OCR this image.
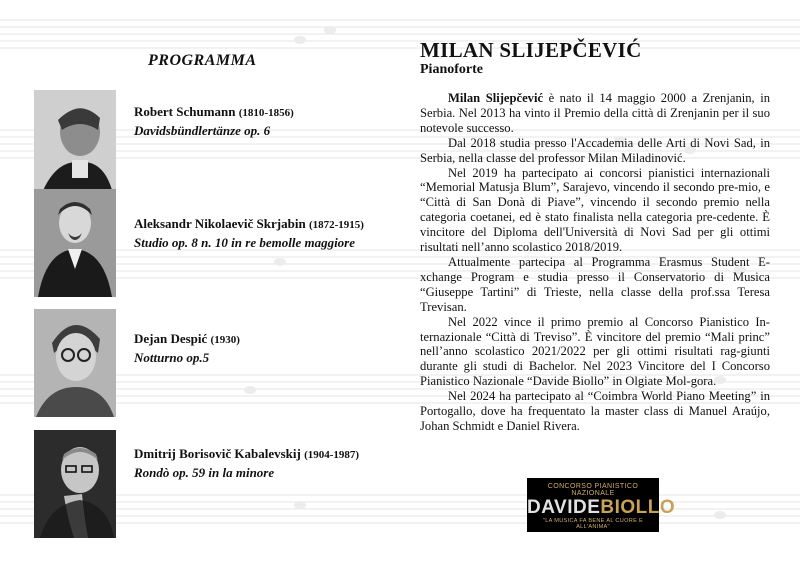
PROGRAMMA
Robert Schumann (1810-1856)
Davidsbündlertänze op. 6
Aleksandr Nikolaevič Skrjabin (1872-1915)
Studio op. 8 n. 10 in re bemolle maggiore
Dejan Despić (1930)
Notturno op.5
Dmitrij Borisovič Kabalevskij (1904-1987)
Rondò op. 59 in la minore
MILAN SLIJEPČEVIĆ
Pianoforte

Milan Slijepčević è nato il 14 maggio 2000 a Zrenjanin, in Serbia. Nel 2013 ha vinto il Premio della città di Zrenjanin per il suo notevole successo.

Dal 2018 studia presso l'Accademia delle Arti di Novi Sad, in Serbia, nella classe del professor Milan Miladinović.

Nel 2019 ha partecipato ai concorsi pianistici internazionali “Memorial Matusja Blum”, Sarajevo, vincendo il secondo pre-mio, e “Città di San Donà di Piave”, vincendo il secondo premio nella categoria coetanei, ed è stato finalista nella categoria pre-cedente. È vincitore del Diploma dell'Università di Novi Sad per gli ottimi risultati nell’anno scolastico 2018/2019.

Attualmente partecipa al Programma Erasmus Student E-xchange Program e studia presso il Conservatorio di Musica “Giuseppe Tartini” di Trieste, nella classe della prof.ssa Teresa Trevisan.

Nel 2022 vince il primo premio al Concorso Pianistico In-ternazionale “Città di Treviso”. È vincitore del premio “Mali princ” nell’anno scolastico 2021/2022 per gli ottimi risultati rag-giunti durante gli studi di Bachelor. Nel 2023 Vincitore del I Concorso Pianistico Nazionale “Davide Biollo” in Olgiate Mol-gora.

Nel 2024 ha partecipato al “Coimbra World Piano Meeting” in Portogallo, dove ha frequentato la master class di Manuel Araújo, Johan Schmidt e Daniel Rivera.

CONCORSO PIANISTICO NAZIONALE
DAVIDEBIOLLO
"LA MUSICA FA BENE AL CUORE E ALL'ANIMA"
